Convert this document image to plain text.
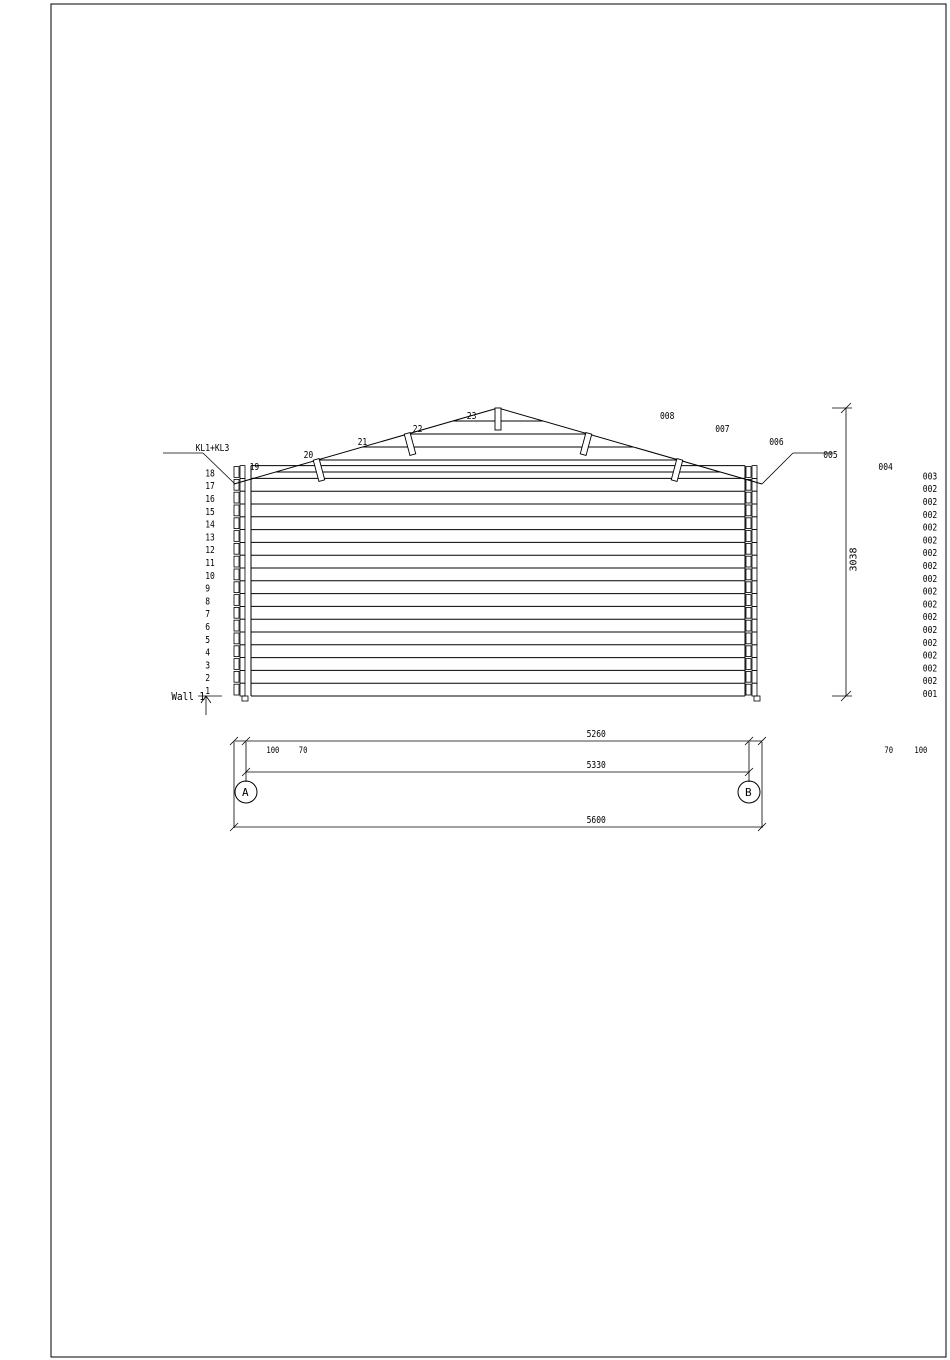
1
2
3
4
5
6
7
8
9
10
11
12
13
14
15
16
17
18
001
002
002
002
002
002
002
002
002
002
002
002
002
002
002
002
002
003
19
20
21
22
23
004
005
006
007
008
KL1+KL3
Wall 1
3038
5260
100 70	70 100
5330
A	B
5600
